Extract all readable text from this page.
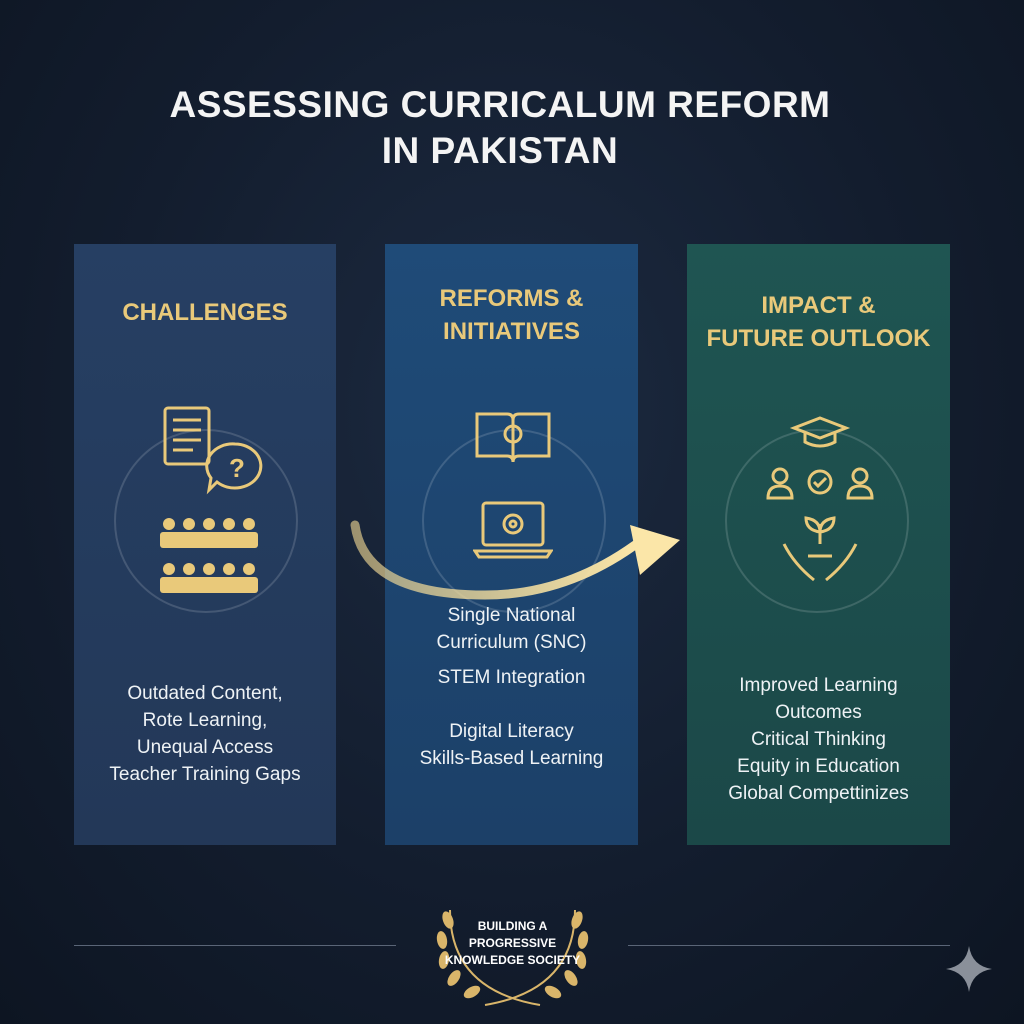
ASSESSING CURRICALUM REFORM
IN PAKISTAN
CHALLENGES
?
Outdated Content,
Rote Learning,
Unequal Access
Teacher Training Gaps
REFORMS &
INITIATIVES
Single National
Curriculum (SNC)
STEM Integration
Digital Literacy
Skills-Based Learning
IMPACT &
FUTURE OUTLOOK
Improved Learning
Outcomes
Critical Thinking
Equity in Education
Global Compettinizes
BUILDING A
PROGRESSIVE
KNOWLEDGE SOCIETY
